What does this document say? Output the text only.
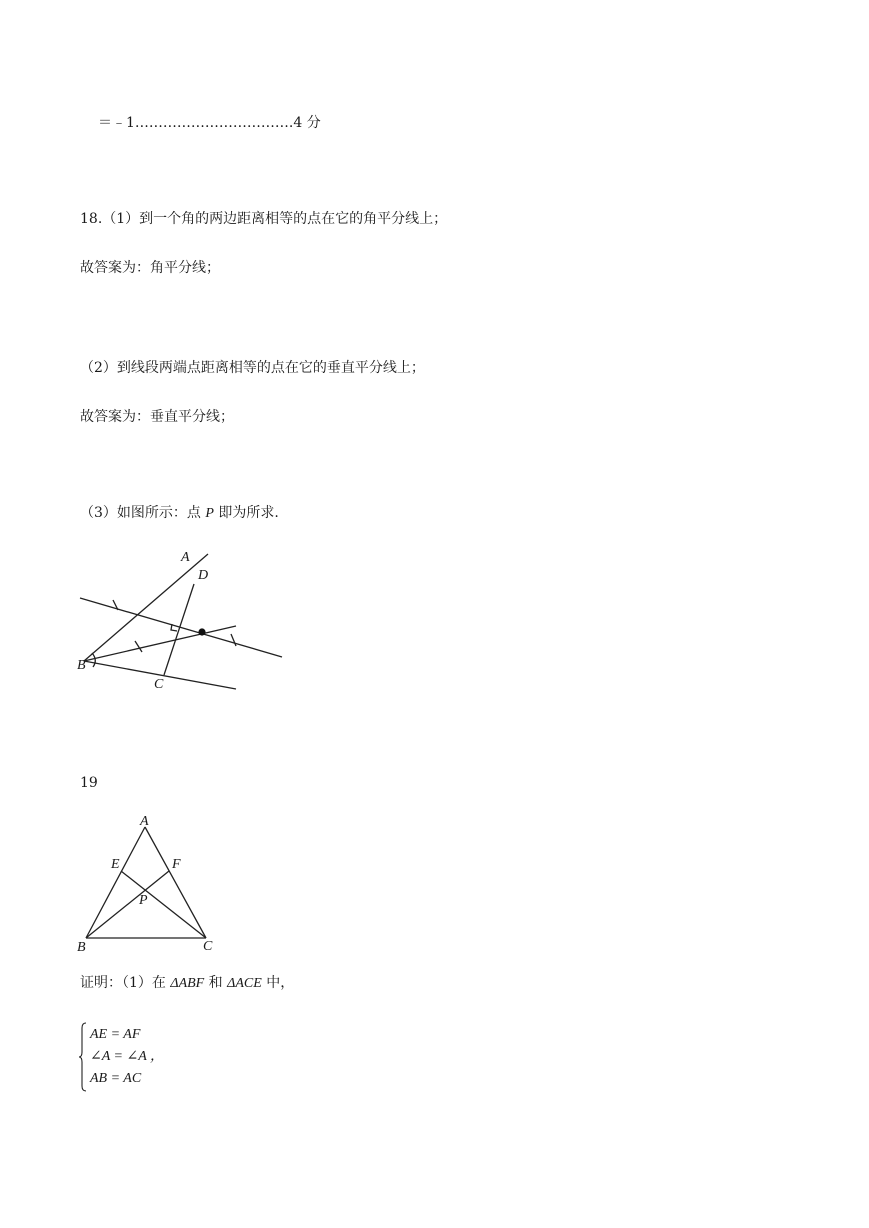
＝﹣1…………………………….4 分
18.（1）到一个角的两边距离相等的点在它的角平分线上；
故答案为：角平分线；
（2）到线段两端点距离相等的点在它的垂直平分线上；
故答案为：垂直平分线；
（3）如图所示：点 P 即为所求.
A
D
B
C
19
A
E	F
P
B	C
证明：（1）在 ΔABF 和 ΔACE 中，
AE = AF
∠A = ∠A ，
AB = AC
